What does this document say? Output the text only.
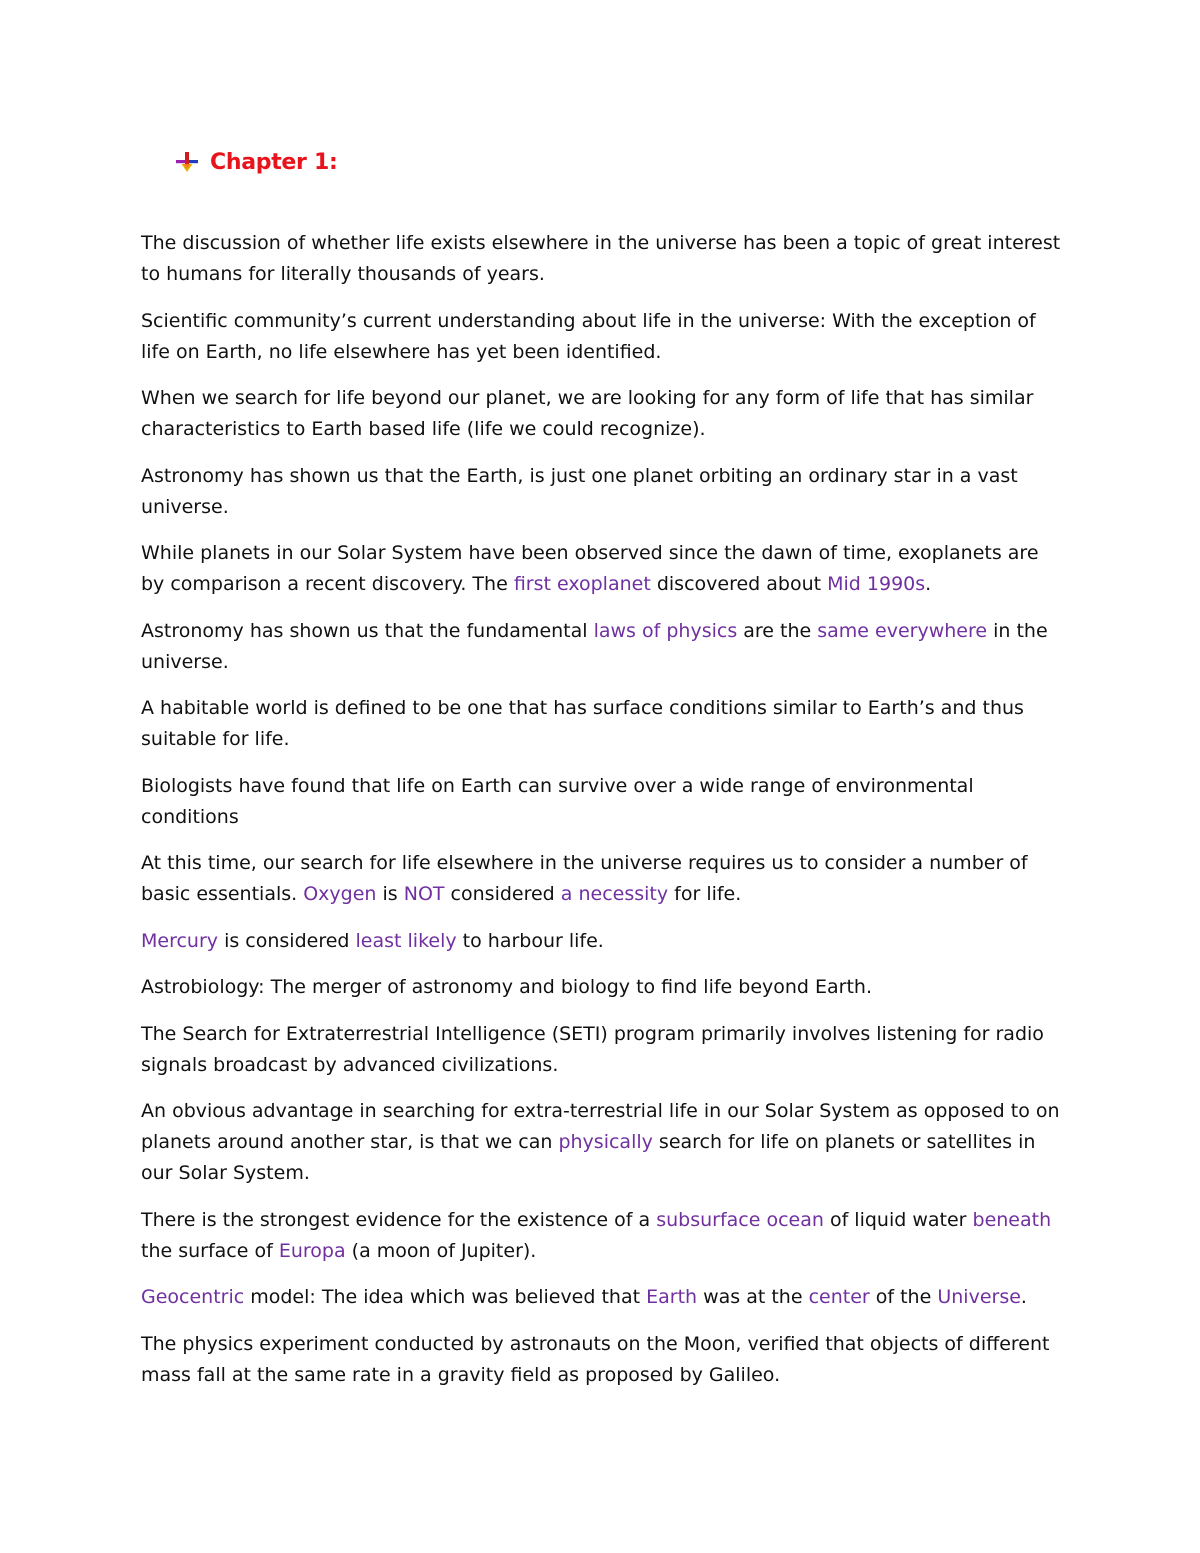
Chapter 1:

The discussion of whether life exists elsewhere in the universe has been a topic of great interest to humans for literally thousands of years.

Scientific community’s current understanding about life in the universe: With the exception of life on Earth, no life elsewhere has yet been identified.

When we search for life beyond our planet, we are looking for any form of life that has similar characteristics to Earth based life (life we could recognize).

Astronomy has shown us that the Earth, is just one planet orbiting an ordinary star in a vast universe.

While planets in our Solar System have been observed since the dawn of time, exoplanets are by comparison a recent discovery. The first exoplanet discovered about Mid 1990s.

Astronomy has shown us that the fundamental laws of physics are the same everywhere in the universe.

A habitable world is defined to be one that has surface conditions similar to Earth’s and thus suitable for life.

Biologists have found that life on Earth can survive over a wide range of environmental conditions

At this time, our search for life elsewhere in the universe requires us to consider a number of basic essentials. Oxygen is NOT considered a necessity for life.

Mercury is considered least likely to harbour life.

Astrobiology: The merger of astronomy and biology to find life beyond Earth.

The Search for Extraterrestrial Intelligence (SETI) program primarily involves listening for radio signals broadcast by advanced civilizations.

An obvious advantage in searching for extra-terrestrial life in our Solar System as opposed to on planets around another star, is that we can physically search for life on planets or satellites in our Solar System.

There is the strongest evidence for the existence of a subsurface ocean of liquid water beneath the surface of Europa (a moon of Jupiter).

Geocentric model: The idea which was believed that Earth was at the center of the Universe.

The physics experiment conducted by astronauts on the Moon, verified that objects of different mass fall at the same rate in a gravity field as proposed by Galileo.
